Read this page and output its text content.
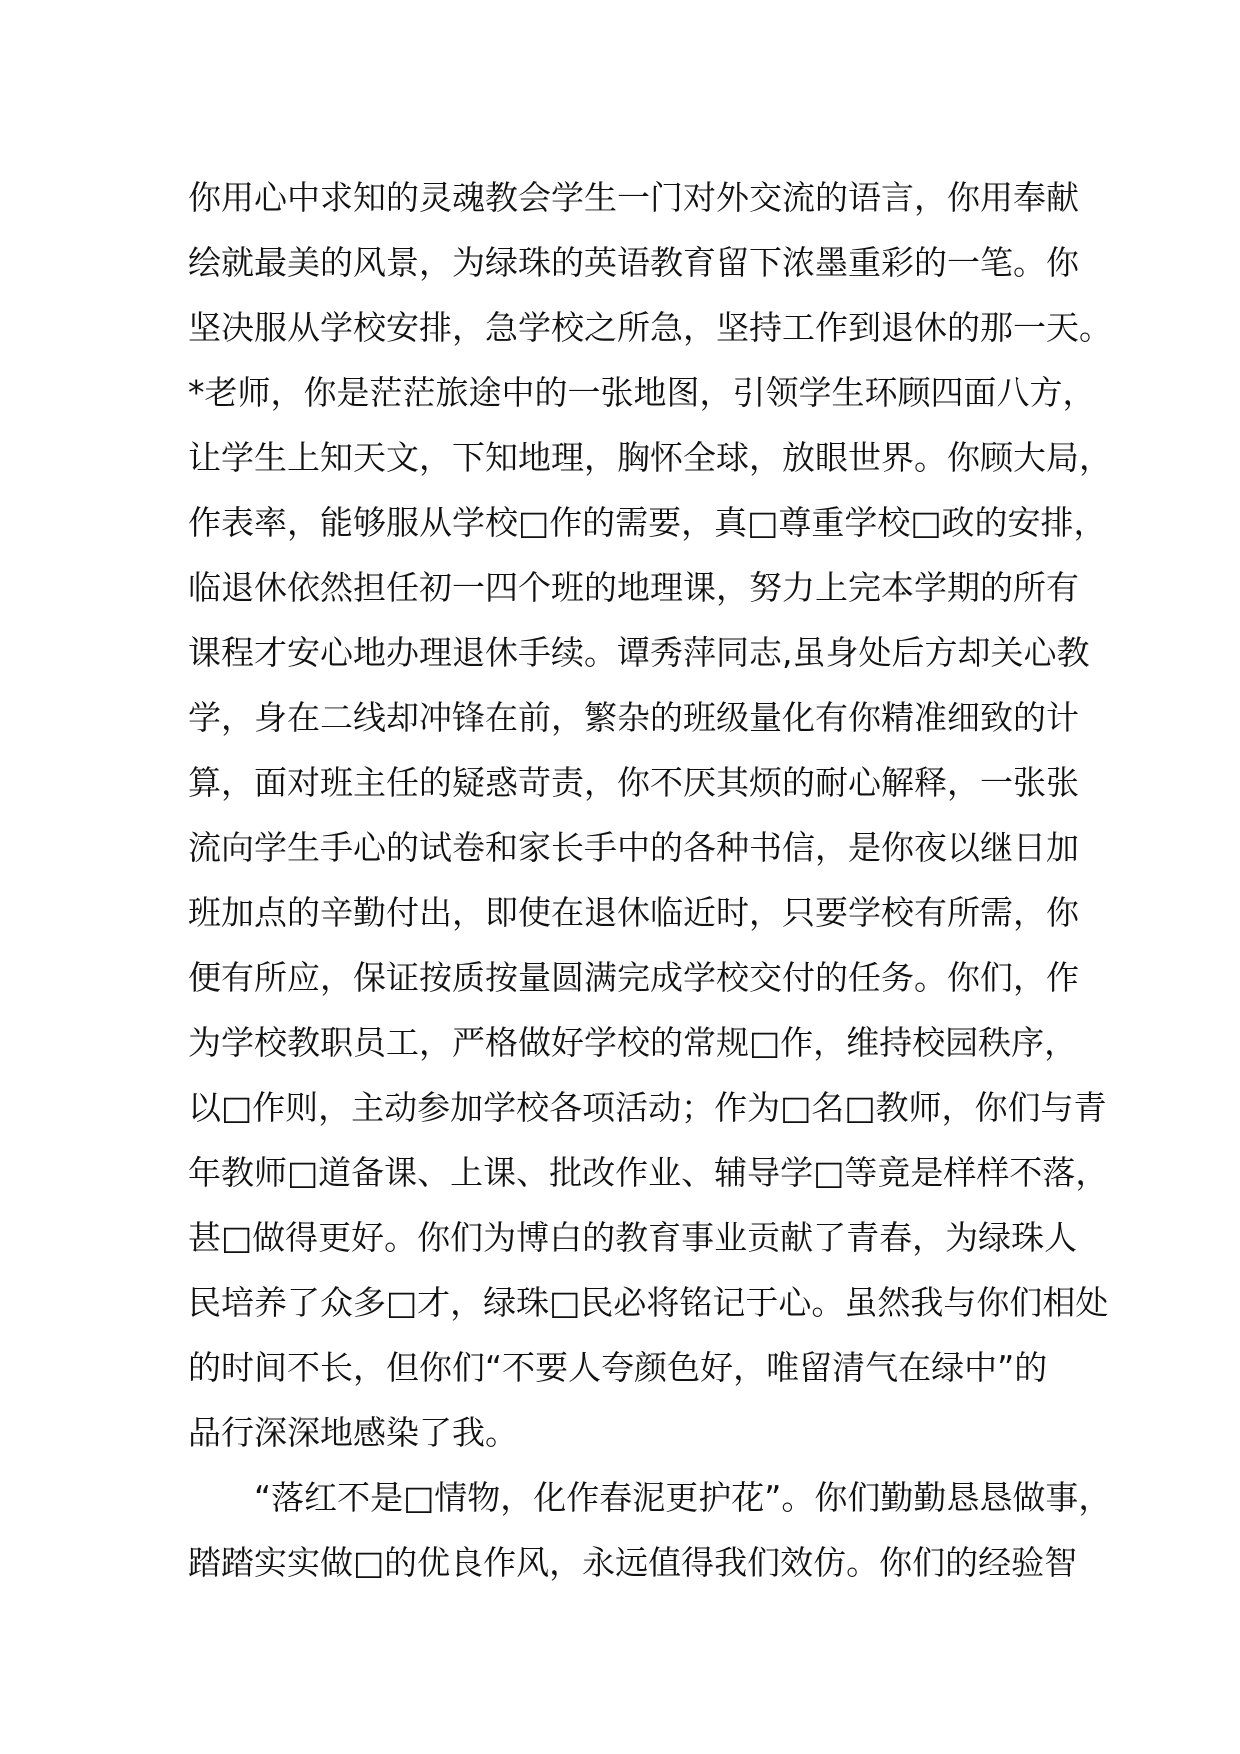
你用心中求知的灵魂教会学生一门对外交流的语言，你用奉献
绘就最美的风景，为绿珠的英语教育留下浓墨重彩的一笔。你
坚决服从学校安排，急学校之所急，坚持工作到退休的那一天。
*老师，你是茫茫旅途中的一张地图，引领学生环顾四面八方，
让学生上知天文，下知地理，胸怀全球，放眼世界。你顾大局，
作表率，能够服从学校□作的需要，真□尊重学校□政的安排，
临退休依然担任初一四个班的地理课，努力上完本学期的所有
课程才安心地办理退休手续。谭秀萍同志,虽身处后方却关心教
学，身在二线却冲锋在前，繁杂的班级量化有你精准细致的计
算，面对班主任的疑惑苛责，你不厌其烦的耐心解释，一张张
流向学生手心的试卷和家长手中的各种书信，是你夜以继日加
班加点的辛勤付出，即使在退休临近时，只要学校有所需，你
便有所应，保证按质按量圆满完成学校交付的任务。你们，作
为学校教职员工，严格做好学校的常规□作，维持校园秩序，
以□作则，主动参加学校各项活动；作为□名□教师，你们与青
年教师□道备课、上课、批改作业、辅导学□等竟是样样不落，
甚□做得更好。你们为博白的教育事业贡献了青春，为绿珠人
民培养了众多□才，绿珠□民必将铭记于心。虽然我与你们相处
的时间不长，但你们“不要人夸颜色好，唯留清气在绿中”的
品行深深地感染了我。
　　“落红不是□情物，化作春泥更护花”。你们勤勤恳恳做事，
踏踏实实做□的优良作风，永远值得我们效仿。你们的经验智
